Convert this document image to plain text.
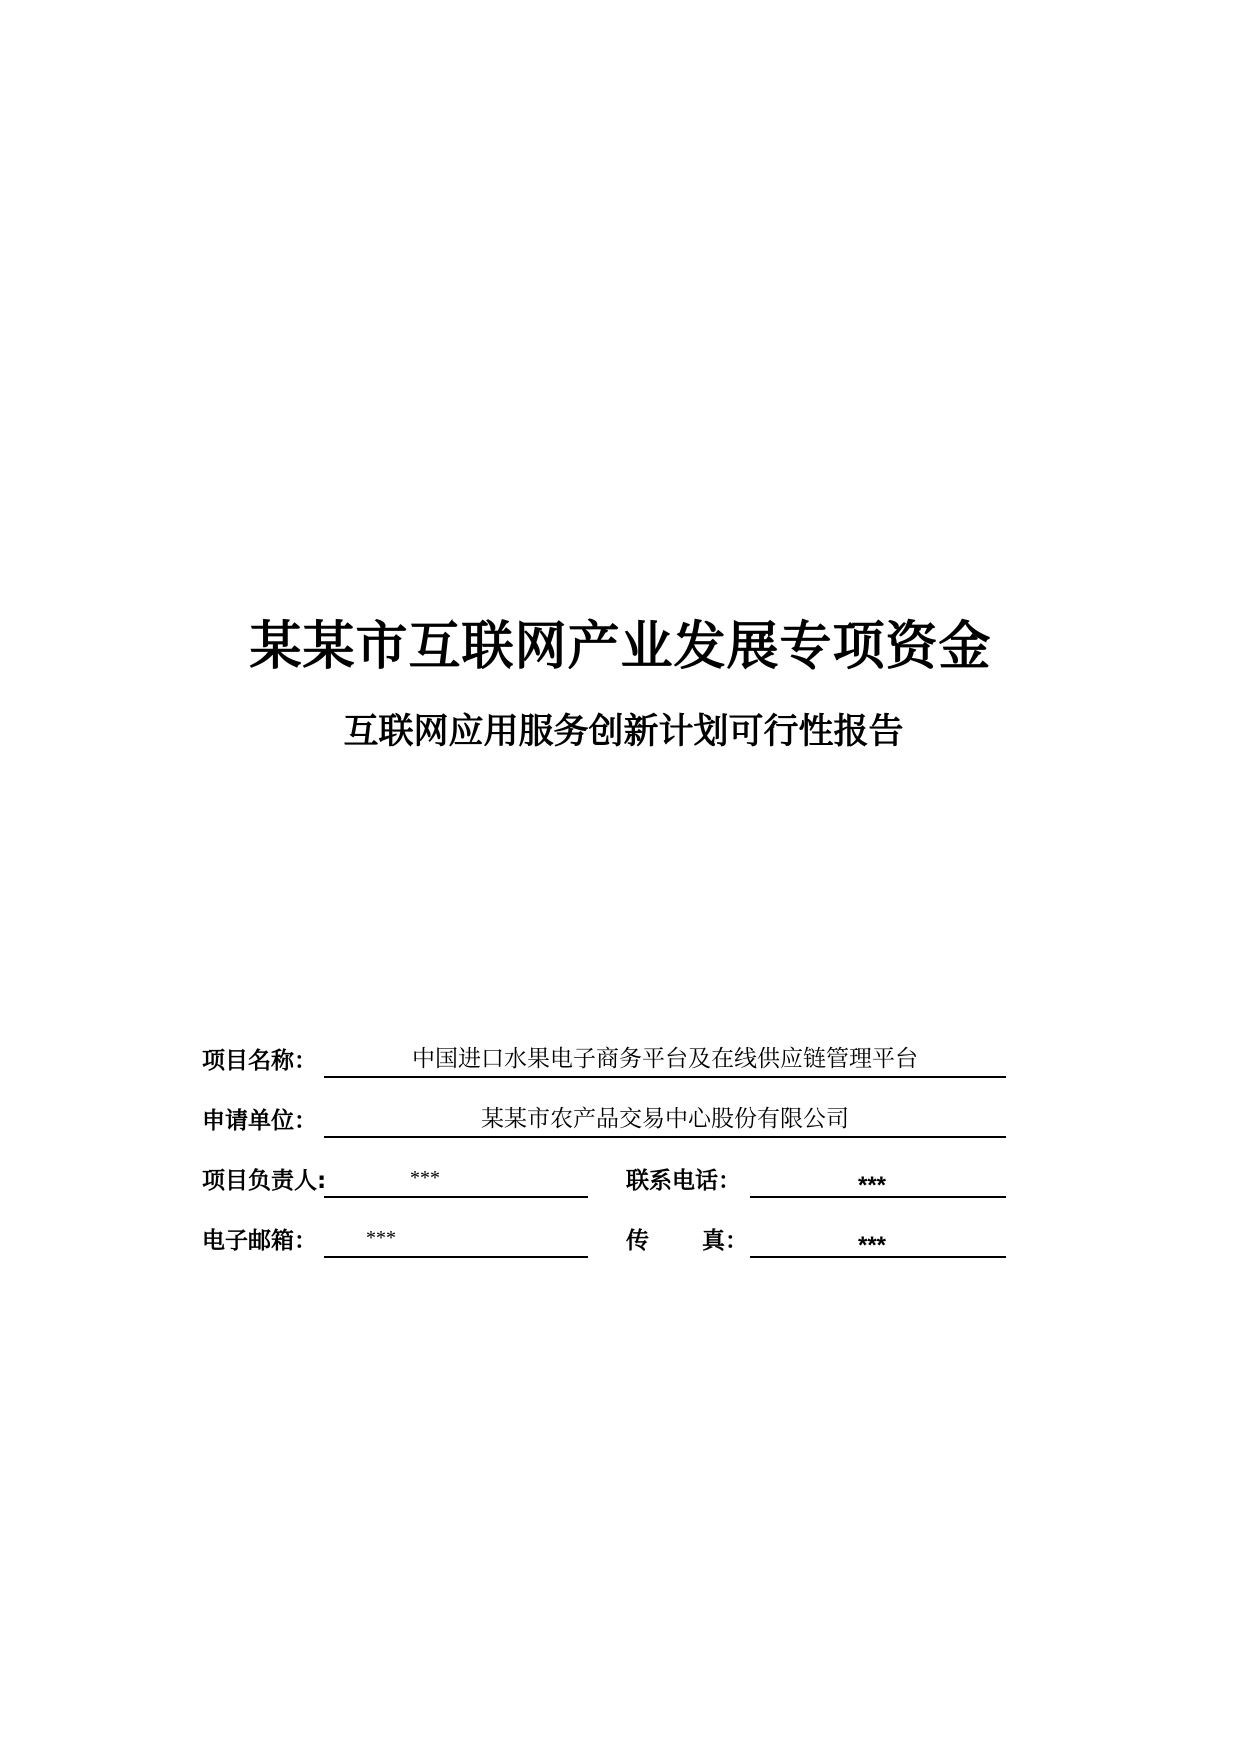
某某市互联网产业发展专项资金
互联网应用服务创新计划可行性报告
项目名称：	中国进口水果电子商务平台及在线供应链管理平台
申请单位：	某某市农产品交易中心股份有限公司
项目负责人:	***	联系电话：	***
电子邮箱： ***	传 真：	***
